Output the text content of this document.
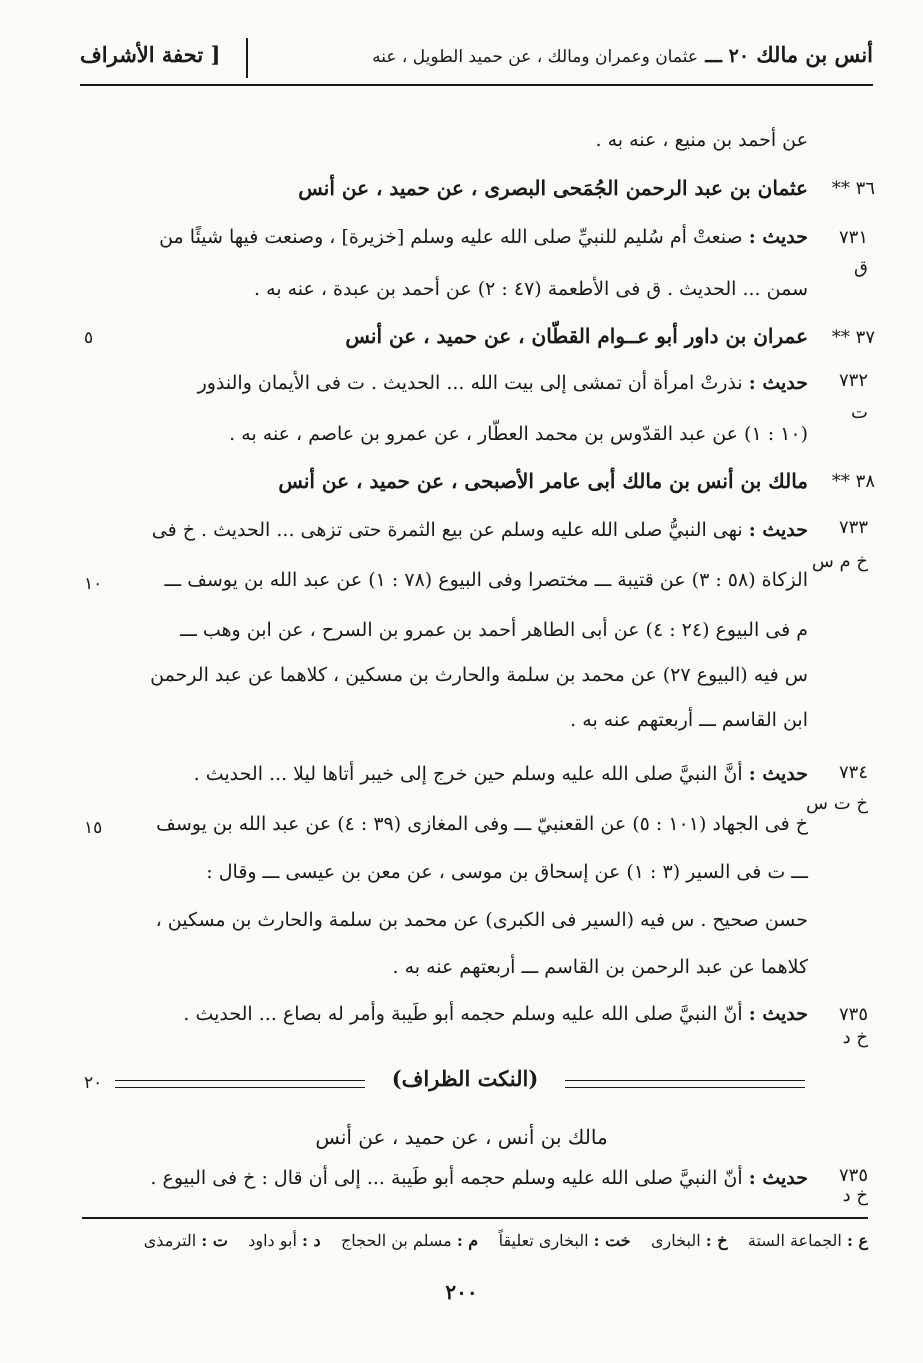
أنس بن مالك ٢٠ ـــ عثمان وعمران ومالك ، عن حميد الطويل ، عنه
[ تحفة الأشراف
عن أحمد بن منيع ، عنه به .
٣٦ **
عثمان بن عبد الرحمن الجُمَحى البصرى ، عن حميد ، عن أنس
٧٣١
حديث : صنعتْ أم سُليم للنبيِّ صلى الله عليه وسلم [خزيرة] ، وصنعت فيها شيئًا من
ق
سمن ... الحديث . ق فى الأطعمة (٤٧ : ٢) عن أحمد بن عبدة ، عنه به .
٣٧ **
٥	عمران بن داور أبو عــوام القطّان ، عن حميد ، عن أنس
٧٣٢
حديث : نذرتْ امرأة أن تمشى إلى بيت الله ... الحديث . ت فى الأيمان والنذور
ت
(١٠ : ١) عن عبد القدّوس بن محمد العطّار ، عن عمرو بن عاصم ، عنه به .
٣٨ **
مالك بن أنس بن مالك أبى عامر الأصبحى ، عن حميد ، عن أنس
٧٣٣
حديث : نهى النبيُّ صلى الله عليه وسلم عن بيع الثمرة حتى تزهى ... الحديث . خ فى
خ م س
١٠	الزكاة (٥٨ : ٣) عن قتيبة ـــ مختصرا وفى البيوع (٧٨ : ١) عن عبد الله بن يوسف ـــ
م فى البيوع (٢٤ : ٤) عن أبى الطاهر أحمد بن عمرو بن السرح ، عن ابن وهب ـــ
س فيه (البيوع ٢٧) عن محمد بن سلمة والحارث بن مسكين ، كلاهما عن عبد الرحمن
ابن القاسم ـــ أربعتهم عنه به .
٧٣٤
حديث : أنَّ النبيَّ صلى الله عليه وسلم حين خرج إلى خيبر أتاها ليلا ... الحديث .
خ ت س
١٥	خ فى الجهاد (١٠١ : ٥) عن القعنبيّ ـــ وفى المغازى (٣٩ : ٤) عن عبد الله بن يوسف
ـــ ت فى السير (٣ : ١) عن إسحاق بن موسى ، عن معن بن عيسى ـــ وقال :
حسن صحيح . س فيه (السير فى الكبرى) عن محمد بن سلمة والحارث بن مسكين ،
كلاهما عن عبد الرحمن بن القاسم ـــ أربعتهم عنه به .
٧٣٥
حديث : أنّ النبيَّ صلى الله عليه وسلم حجمه أبو طَيبة وأمر له بصاع ... الحديث .
خ د
٢٠	(النكت الظراف)
مالك بن أنس ، عن حميد ، عن أنس
٧٣٥
خ د
حديث : أنّ النبيَّ صلى الله عليه وسلم حجمه أبو طَيبة ... إلى أن قال : خ فى البيوع .
ع : الجماعة الستة    خ : البخارى    خت : البخارى تعليقاً    م : مسلم بن الحجاج    د : أبو داود    ت : الترمذى
٢٠٠
